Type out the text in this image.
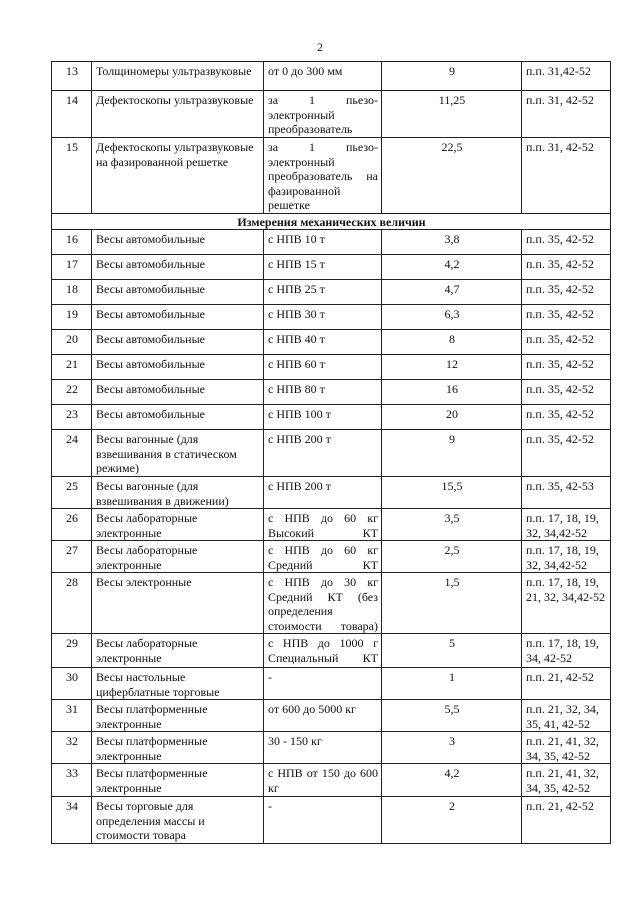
2
13	Толщиномеры ультразвуковые	от 0 до 300 мм	9	п.п. 31,42-52
14	Дефектоскопы ультразвуковые	за 1 пьезо-электронный преобразователь	11,25	п.п. 31, 42-52
15	Дефектоскопы ультразвуковые на фазированной решетке	за 1 пьезо-электронный преобразователь на фазированной решетке	22,5	п.п. 31, 42-52
Измерения механических величин				
16	Весы автомобильные	с НПВ 10 т	3,8	п.п. 35, 42-52
17	Весы автомобильные	с НПВ 15 т	4,2	п.п. 35, 42-52
18	Весы автомобильные	с НПВ 25 т	4,7	п.п. 35, 42-52
19	Весы автомобильные	с НПВ 30 т	6,3	п.п. 35, 42-52
20	Весы автомобильные	с НПВ 40 т	8	п.п. 35, 42-52
21	Весы автомобильные	с НПВ 60 т	12	п.п. 35, 42-52
22	Весы автомобильные	с НПВ 80 т	16	п.п. 35, 42-52
23	Весы автомобильные	с НПВ 100 т	20	п.п. 35, 42-52
24	Весы вагонные (для взвешивания в статическом режиме)	с НПВ 200 т	9	п.п. 35, 42-52
25	Весы вагонные (для взвешивания в движении)	с НПВ 200 т	15,5	п.п. 35, 42-53
26	Весы лабораторные электронные	с НПВ до 60 кг Высокий КТ	3,5	п.п. 17, 18, 19, 32, 34,42-52
27	Весы лабораторные электронные	с НПВ до 60 кг Средний КТ	2,5	п.п. 17, 18, 19, 32, 34,42-52
28	Весы электронные	с НПВ до 30 кг Средний КТ (без определения стоимости товара)	1,5	п.п. 17, 18, 19, 21, 32, 34,42-52
29	Весы лабораторные электронные	с НПВ до 1000 г Специальный КТ	5	п.п. 17, 18, 19, 34, 42-52
30	Весы настольные циферблатные торговые	-	1	п.п. 21, 42-52
31	Весы платформенные электронные	от 600 до 5000 кг	5,5	п.п. 21, 32, 34, 35, 41, 42-52
32	Весы платформенные электронные	30 - 150 кг	3	п.п. 21, 41, 32, 34, 35, 42-52
33	Весы платформенные электронные	с НПВ от 150 до 600 кг	4,2	п.п. 21, 41, 32, 34, 35, 42-52
34	Весы торговые для определения массы и стоимости товара	-	2	п.п. 21, 42-52
